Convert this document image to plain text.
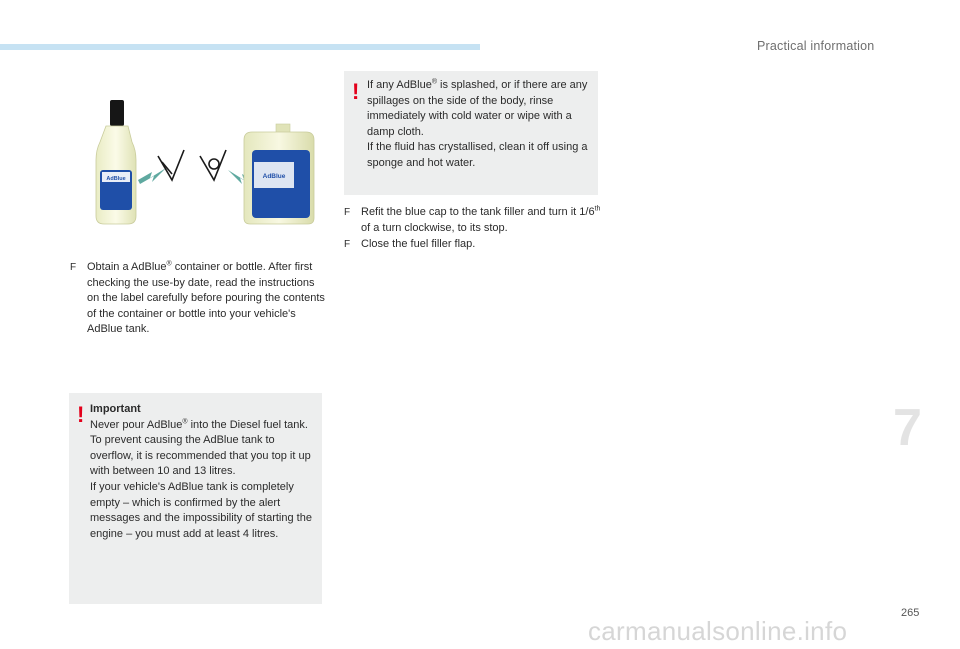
Practical information
7
AdBlue	AdBlue

F Obtain a AdBlue® container or bottle. After first checking the use-by date, read the instructions on the label carefully before pouring the contents of the container or bottle into your vehicle's AdBlue tank.

! Important

Never pour AdBlue® into the Diesel fuel tank.

To prevent causing the AdBlue tank to overflow, it is recommended that you top it up with between 10 and 13 litres.

If your vehicle's AdBlue tank is completely empty – which is confirmed by the alert messages and the impossibility of starting the engine – you must add at least 4 litres.

! If any AdBlue® is splashed, or if there are any spillages on the side of the body, rinse immediately with cold water or wipe with a damp cloth.

If the fluid has crystallised, clean it off using a sponge and hot water.

F Refit the blue cap to the tank filler and turn it 1/6th of a turn clockwise, to its stop.

F Close the fuel filler flap.

265
carmanualsonline.info
